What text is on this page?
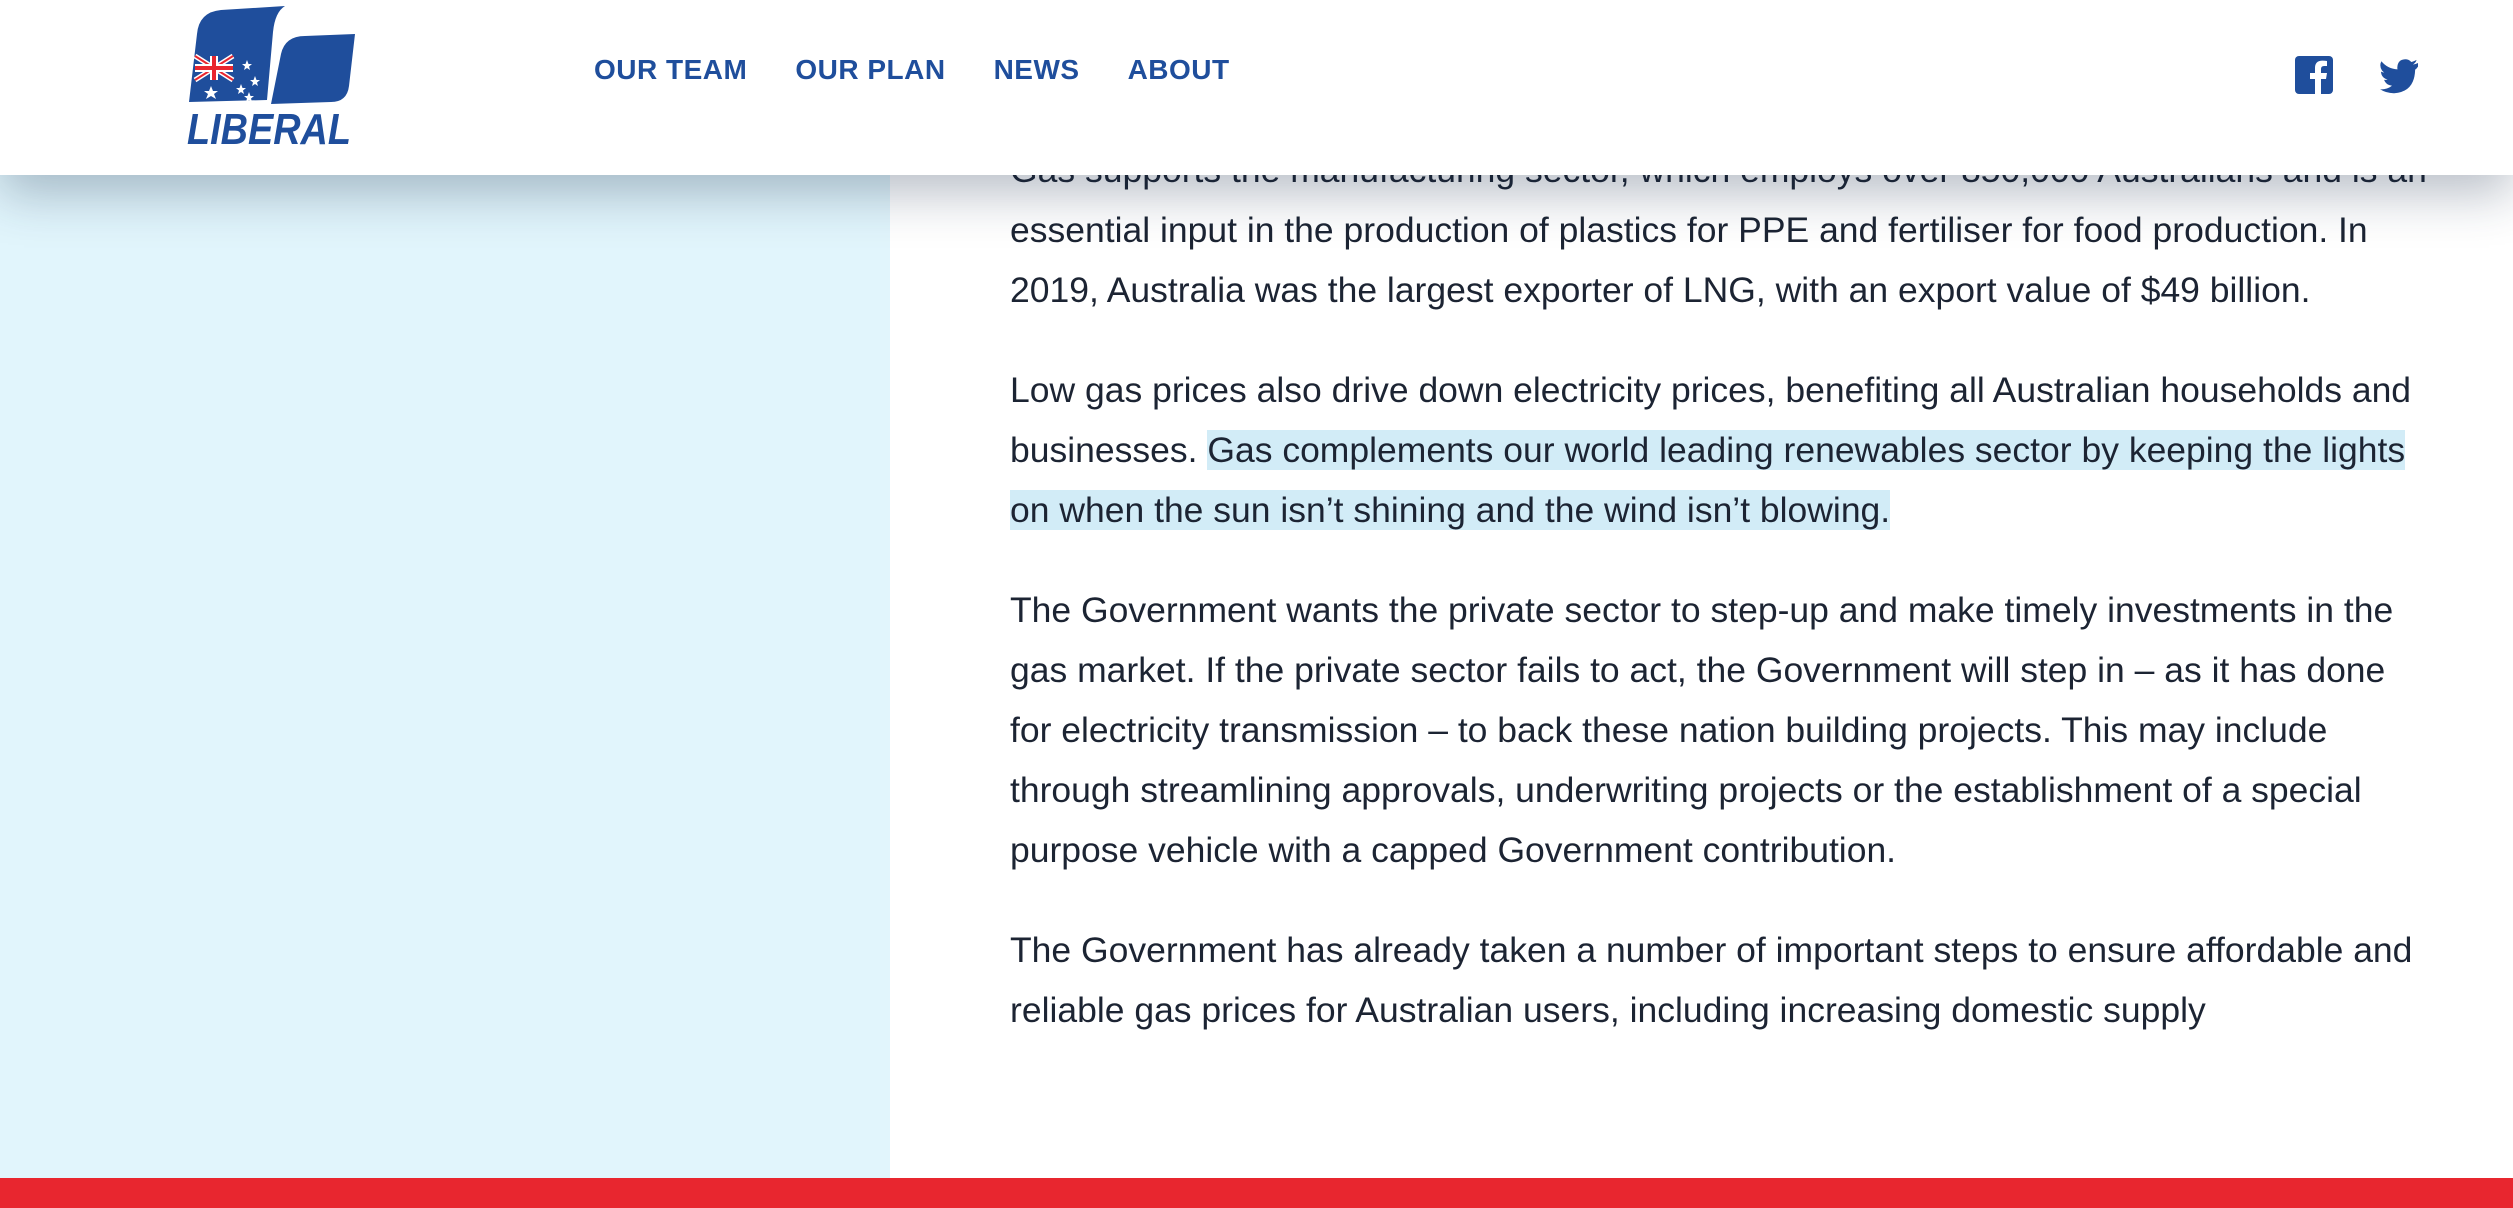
essential input in the production of plastics for PPE and fertiliser for food production. In 2019, Australia was the largest exporter of LNG, with an export value of $49 billion.

Low gas prices also drive down electricity prices, benefiting all Australian households and businesses. Gas complements our world leading renewables sector by keeping the lights on when the sun isn’t shining and the wind isn’t blowing.

The Government wants the private sector to step-up and make timely investments in the gas market. If the private sector fails to act, the Government will step in – as it has done for electricity transmission – to back these nation building projects. This may include through streamlining approvals, underwriting projects or the establishment of a special purpose vehicle with a capped Government contribution.

The Government has already taken a number of important steps to ensure affordable and reliable gas prices for Australian users, including increasing domestic supply

LIBERAL
OUR TEAM OUR PLAN NEWS ABOUT
